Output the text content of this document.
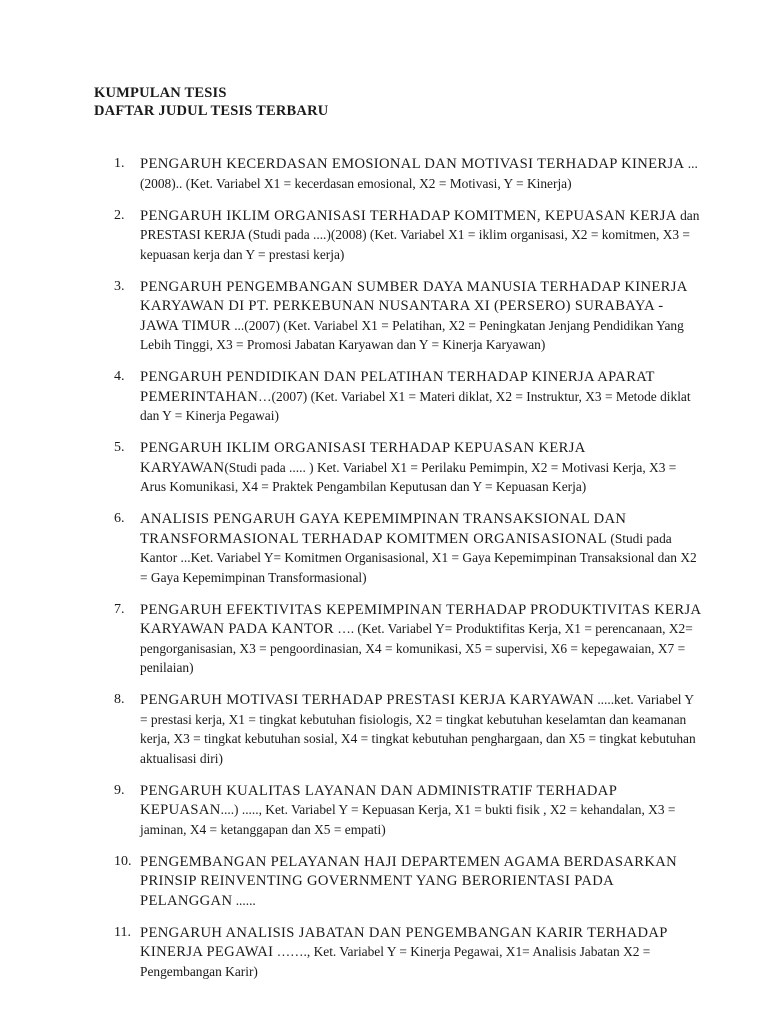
KUMPULAN TESIS
DAFTAR JUDUL TESIS TERBARU
1.	PENGARUH KECERDASAN EMOSIONAL DAN MOTIVASI TERHADAP KINERJA ...(2008).. (Ket. Variabel X1 = kecerdasan emosional, X2 = Motivasi, Y = Kinerja)
2.	PENGARUH IKLIM ORGANISASI TERHADAP KOMITMEN, KEPUASAN KERJA dan PRESTASI KERJA (Studi pada ....)(2008) (Ket. Variabel X1 = iklim organisasi, X2 = komitmen, X3 = kepuasan kerja dan Y = prestasi kerja)
3.	PENGARUH PENGEMBANGAN SUMBER DAYA MANUSIA TERHADAP KINERJA KARYAWAN DI PT. PERKEBUNAN NUSANTARA XI (PERSERO) SURABAYA - JAWA TIMUR ...(2007) (Ket. Variabel X1 = Pelatihan, X2 = Peningkatan Jenjang Pendidikan Yang Lebih Tinggi, X3 = Promosi Jabatan Karyawan dan Y = Kinerja Karyawan)
4.	PENGARUH PENDIDIKAN DAN PELATIHAN TERHADAP KINERJA APARAT PEMERINTAHAN…(2007) (Ket. Variabel X1 = Materi diklat, X2 = Instruktur, X3 = Metode diklat dan Y = Kinerja Pegawai)
5.	PENGARUH IKLIM ORGANISASI TERHADAP KEPUASAN KERJA KARYAWAN(Studi pada ..... ) Ket. Variabel X1 = Perilaku Pemimpin, X2 = Motivasi Kerja, X3 = Arus Komunikasi, X4 = Praktek Pengambilan Keputusan dan Y = Kepuasan Kerja)
6.	ANALISIS PENGARUH GAYA KEPEMIMPINAN TRANSAKSIONAL DAN TRANSFORMASIONAL TERHADAP KOMITMEN ORGANISASIONAL (Studi pada Kantor ...Ket. Variabel Y= Komitmen Organisasional, X1 = Gaya Kepemimpinan Transaksional dan X2 = Gaya Kepemimpinan Transformasional)
7.	PENGARUH EFEKTIVITAS KEPEMIMPINAN TERHADAP PRODUKTIVITAS KERJA KARYAWAN PADA KANTOR …. (Ket. Variabel Y= Produktifitas Kerja, X1 = perencanaan, X2= pengorganisasian, X3 = pengoordinasian, X4 = komunikasi, X5 = supervisi, X6 = kepegawaian, X7 = penilaian)
8.	PENGARUH MOTIVASI TERHADAP PRESTASI KERJA KARYAWAN .....ket. Variabel Y = prestasi kerja, X1 = tingkat kebutuhan fisiologis, X2 = tingkat kebutuhan keselamtan dan keamanan kerja, X3 = tingkat kebutuhan sosial, X4 = tingkat kebutuhan penghargaan, dan X5 = tingkat kebutuhan aktualisasi diri)
9.	PENGARUH KUALITAS LAYANAN DAN ADMINISTRATIF TERHADAP KEPUASAN....) ....., Ket. Variabel Y = Kepuasan Kerja, X1 = bukti fisik , X2 = kehandalan, X3 = jaminan, X4 = ketanggapan dan X5 = empati)
10. PENGEMBANGAN PELAYANAN HAJI DEPARTEMEN AGAMA BERDASARKAN PRINSIP REINVENTING GOVERNMENT YANG BERORIENTASI PADA PELANGGAN ......
11. PENGARUH ANALISIS JABATAN DAN PENGEMBANGAN KARIR TERHADAP KINERJA PEGAWAI ……., Ket. Variabel Y = Kinerja Pegawai, X1= Analisis Jabatan X2 = Pengembangan Karir)
